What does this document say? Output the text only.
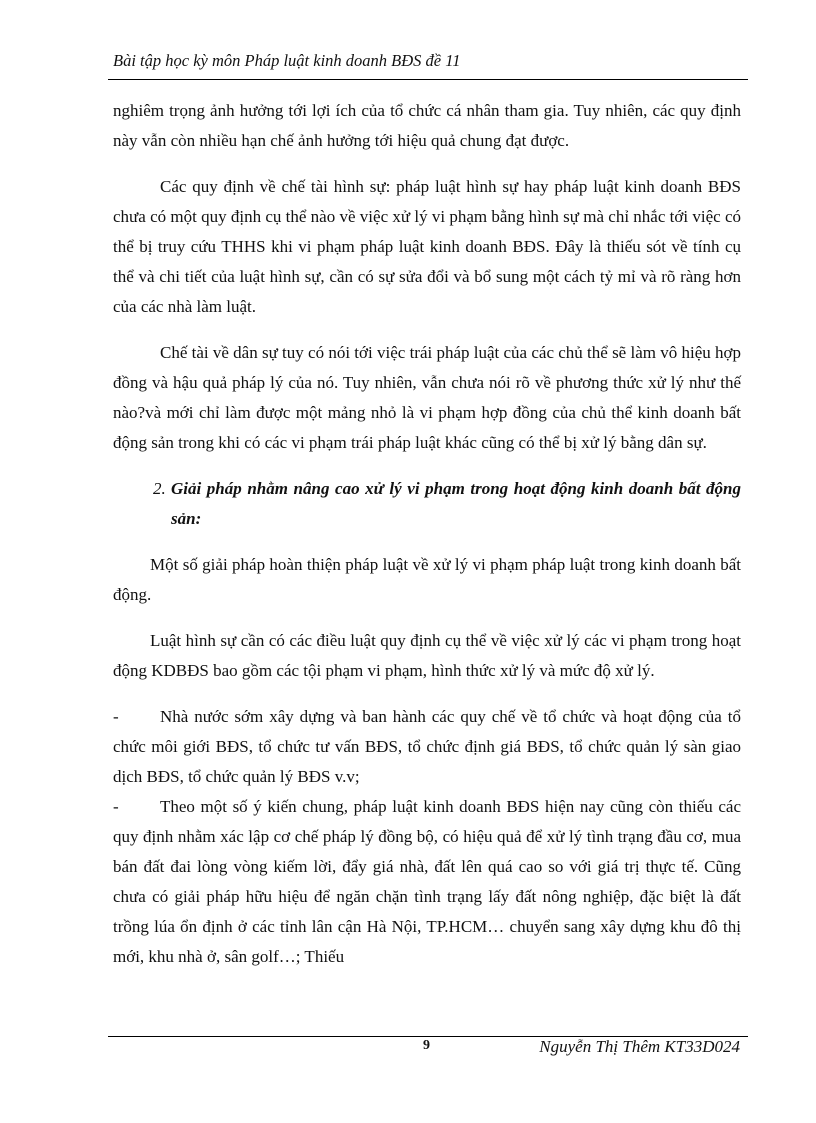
Bài tập học kỳ môn Pháp luật kinh doanh BĐS đề 11

nghiêm trọng ảnh hưởng tới lợi ích của tổ chức cá nhân tham gia. Tuy nhiên, các quy định này vẫn còn nhiều hạn chế ảnh hưởng tới hiệu quả chung đạt được.

Các quy định về chế tài hình sự: pháp luật hình sự hay pháp luật kinh doanh BĐS chưa có một quy định cụ thể nào về việc xử lý vi phạm bằng hình sự mà chỉ nhắc tới việc có thể bị truy cứu THHS khi vi phạm pháp luật kinh doanh BĐS. Đây là thiếu sót về tính cụ thể và chi tiết của luật hình sự, cần có sự sửa đổi và bổ sung một cách tỷ mỉ và rõ ràng hơn của các nhà làm luật.

Chế tài về dân sự tuy có nói tới việc trái pháp luật của các chủ thể sẽ làm vô hiệu hợp đồng và hậu quả pháp lý của nó. Tuy nhiên, vẫn chưa nói rõ về phương thức xử lý như thế nào?và mới chỉ làm được một mảng nhỏ là vi phạm hợp đồng của chủ thể kinh doanh bất động sản trong khi có các vi phạm trái pháp luật khác cũng có thể bị xử lý bằng dân sự.

2. Giải pháp nhằm nâng cao xử lý vi phạm trong hoạt động kinh doanh bất động sản:

Một số giải pháp hoàn thiện pháp luật về xử lý vi phạm pháp luật trong kinh doanh bất động.

Luật hình sự cần có các điều luật quy định cụ thể về việc xử lý các vi phạm trong hoạt động KDBĐS bao gồm các tội phạm vi phạm, hình thức xử lý và mức độ xử lý.

- Nhà nước sớm xây dựng và ban hành các quy chế về tổ chức và hoạt động của tổ chức môi giới BĐS, tổ chức tư vấn BĐS, tổ chức định giá BĐS, tổ chức quản lý sàn giao dịch BĐS, tổ chức quản lý BĐS v.v;
- Theo một số ý kiến chung, pháp luật kinh doanh BĐS hiện nay cũng còn thiếu các quy định nhằm xác lập cơ chế pháp lý đồng bộ, có hiệu quả để xử lý tình trạng đầu cơ, mua bán đất đai lòng vòng kiếm lời, đẩy giá nhà, đất lên quá cao so với giá trị thực tế. Cũng chưa có giải pháp hữu hiệu để ngăn chặn tình trạng lấy đất nông nghiệp, đặc biệt là đất trồng lúa ổn định ở các tỉnh lân cận Hà Nội, TP.HCM… chuyển sang xây dựng khu đô thị mới, khu nhà ở, sân golf…; Thiếu
9	Nguyễn Thị Thêm KT33D024
